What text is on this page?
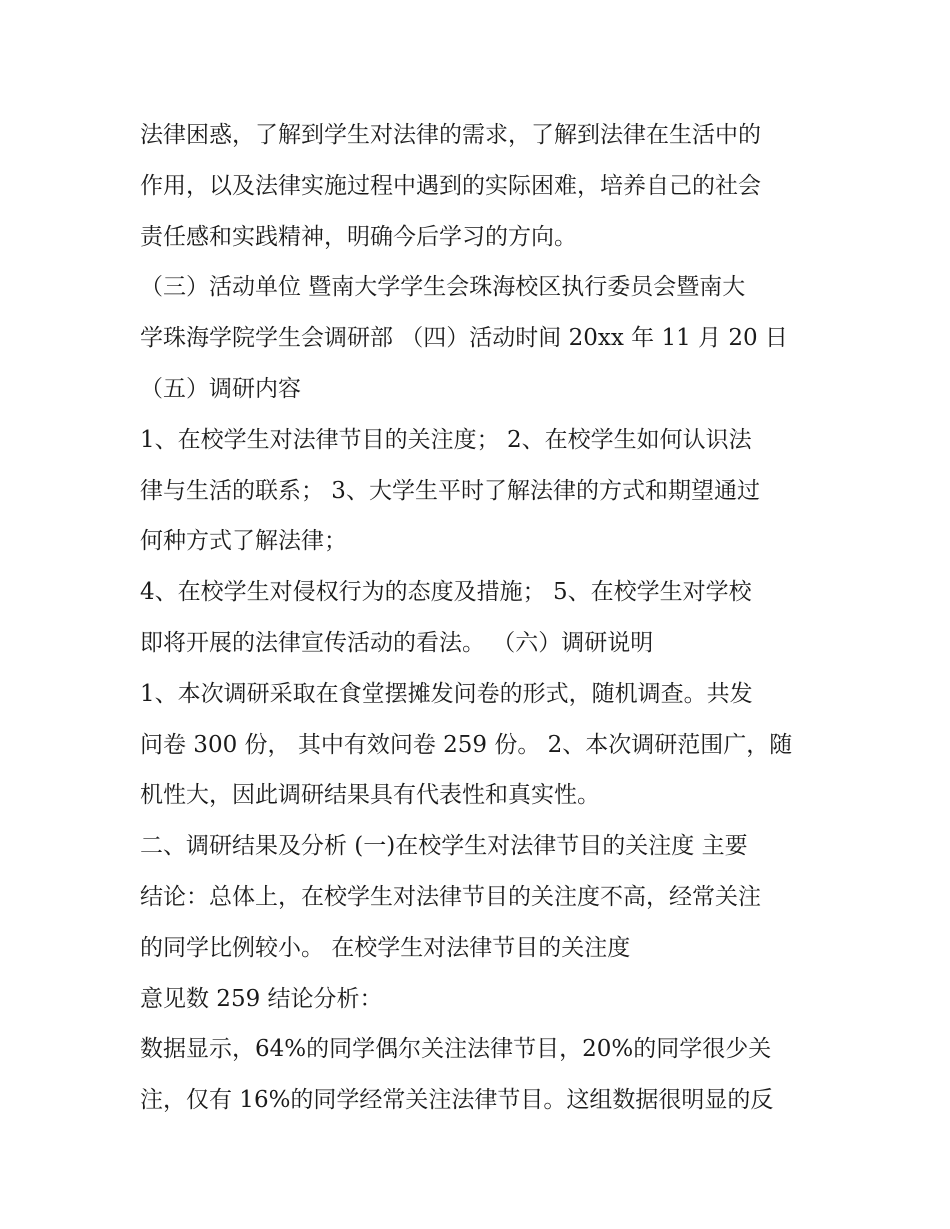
法律困惑，了解到学生对法律的需求，了解到法律在生活中的
作用，以及法律实施过程中遇到的实际困难，培养自己的社会
责任感和实践精神，明确今后学习的方向。
（三）活动单位 暨南大学学生会珠海校区执行委员会暨南大
学珠海学院学生会调研部 （四）活动时间 20xx 年 11 月 20 日
（五）调研内容
1、在校学生对法律节目的关注度； 2、在校学生如何认识法
律与生活的联系； 3、大学生平时了解法律的方式和期望通过
何种方式了解法律；
4、在校学生对侵权行为的态度及措施； 5、在校学生对学校
即将开展的法律宣传活动的看法。 （六）调研说明
1、本次调研采取在食堂摆摊发问卷的形式，随机调查。共发
问卷 300 份， 其中有效问卷 259 份。 2、本次调研范围广，随
机性大，因此调研结果具有代表性和真实性。
二、调研结果及分析 (一)在校学生对法律节目的关注度 主要
结论：总体上，在校学生对法律节目的关注度不高，经常关注
的同学比例较小。 在校学生对法律节目的关注度
意见数 259 结论分析：
数据显示，64%的同学偶尔关注法律节目，20%的同学很少关
注，仅有 16%的同学经常关注法律节目。这组数据很明显的反
